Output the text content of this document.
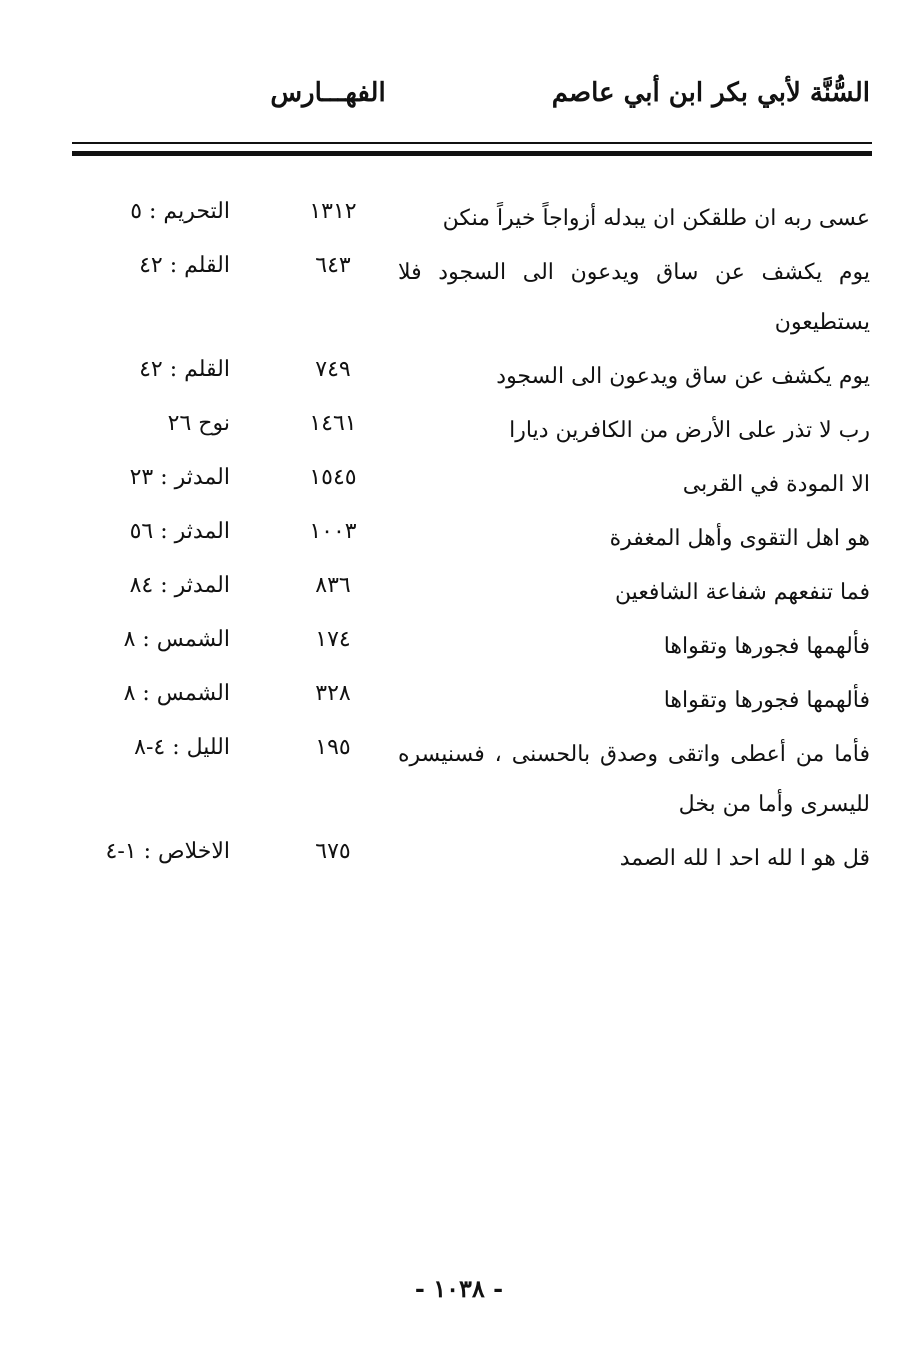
السُّنَّة لأبي بكر ابن أبي عاصم
الفهـــارس
عسى ربه ان طلقكن ان يبدله أزواجاً خيراً منكن
١٣١٢
التحريم : ٥
يوم يكشف عن ساق ويدعون الى السجود فلا يستطيعون
٦٤٣
القلم : ٤٢
يوم يكشف عن ساق ويدعون الى السجود
٧٤٩
القلم : ٤٢
رب لا تذر على الأرض من الكافرين ديارا
١٤٦١
نوح ٢٦
الا المودة في القربى
١٥٤٥
المدثر : ٢٣
هو اهل التقوى وأهل المغفرة
١٠٠٣
المدثر : ٥٦
فما تنفعهم شفاعة الشافعين
٨٣٦
المدثر : ٨٤
فألهمها فجورها وتقواها
١٧٤
الشمس : ٨
فألهمها فجورها وتقواها
٣٢٨
الشمس : ٨
فأما من أعطى واتقى وصدق بالحسنى ، فسنيسره لليسرى وأما من بخل
١٩٥
الليل : ٤-٨
قل هو ا لله احد ا لله الصمد
٦٧٥
الاخلاص : ١-٤
- ١٠٣٨ -
